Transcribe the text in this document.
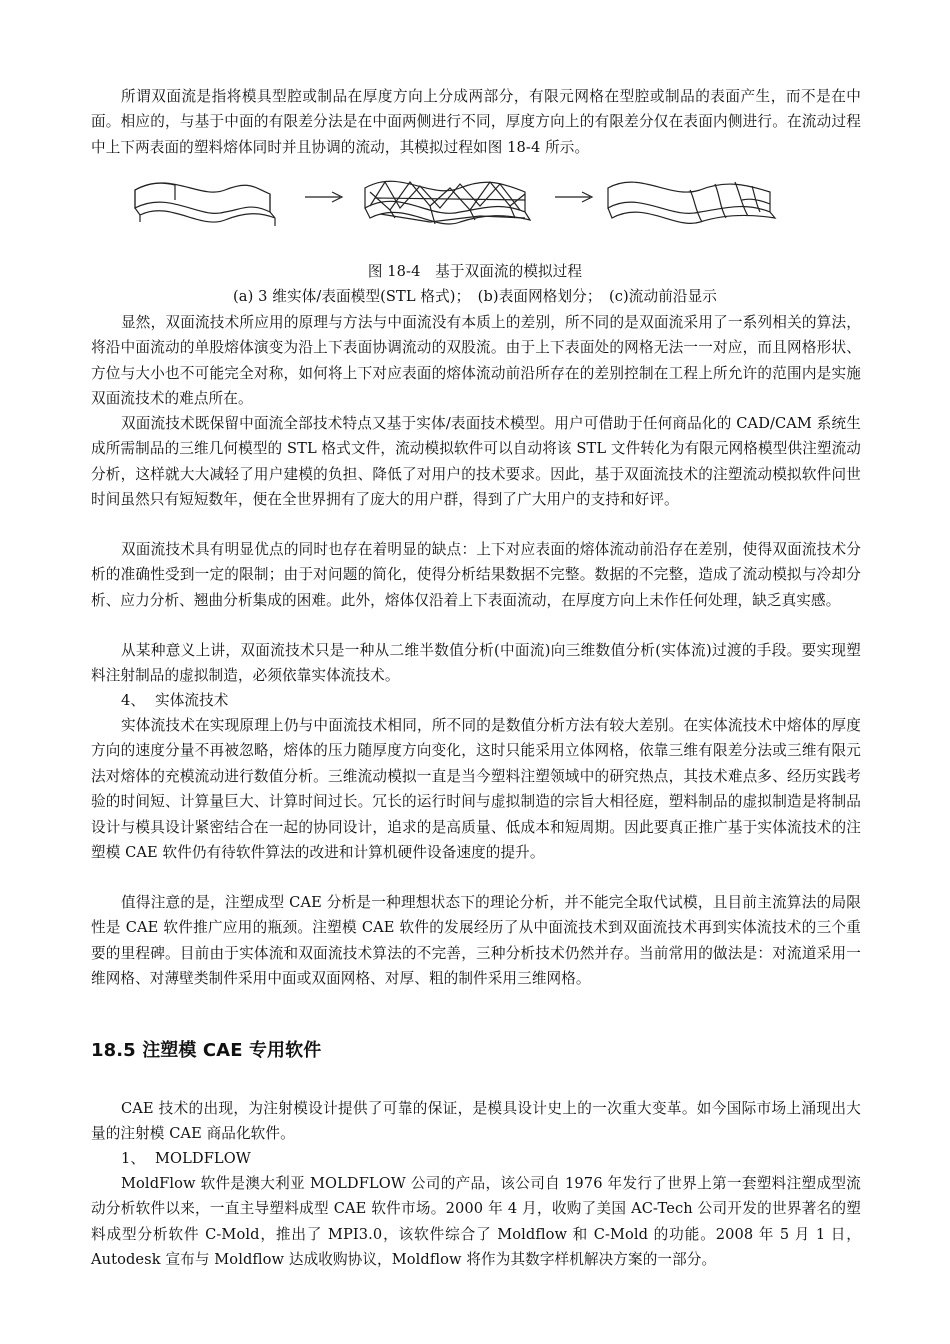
所谓双面流是指将模具型腔或制品在厚度方向上分成两部分，有限元网格在型腔或制品的表面产生，而不是在中面。相应的，与基于中面的有限差分法是在中面两侧进行不同，厚度方向上的有限差分仅在表面内侧进行。在流动过程中上下两表面的塑料熔体同时并且协调的流动，其模拟过程如图 18-4 所示。
图 18-4　基于双面流的模拟过程
(a) 3 维实体/表面模型(STL 格式)；　(b)表面网格划分；　(c)流动前沿显示
显然，双面流技术所应用的原理与方法与中面流没有本质上的差别，所不同的是双面流采用了一系列相关的算法，将沿中面流动的单股熔体演变为沿上下表面协调流动的双股流。由于上下表面处的网格无法一一对应，而且网格形状、方位与大小也不可能完全对称，如何将上下对应表面的熔体流动前沿所存在的差别控制在工程上所允许的范围内是实施双面流技术的难点所在。
双面流技术既保留中面流全部技术特点又基于实体/表面技术模型。用户可借助于任何商品化的 CAD/CAM 系统生成所需制品的三维几何模型的 STL 格式文件，流动模拟软件可以自动将该 STL 文件转化为有限元网格模型供注塑流动分析，这样就大大减轻了用户建模的负担、降低了对用户的技术要求。因此，基于双面流技术的注塑流动模拟软件问世时间虽然只有短短数年，便在全世界拥有了庞大的用户群，得到了广大用户的支持和好评。
双面流技术具有明显优点的同时也存在着明显的缺点：上下对应表面的熔体流动前沿存在差别，使得双面流技术分析的准确性受到一定的限制；由于对问题的简化，使得分析结果数据不完整。数据的不完整，造成了流动模拟与冷却分析、应力分析、翘曲分析集成的困难。此外，熔体仅沿着上下表面流动，在厚度方向上未作任何处理，缺乏真实感。
从某种意义上讲，双面流技术只是一种从二维半数值分析(中面流)向三维数值分析(实体流)过渡的手段。要实现塑料注射制品的虚拟制造，必须依靠实体流技术。
4、 实体流技术
实体流技术在实现原理上仍与中面流技术相同，所不同的是数值分析方法有较大差别。在实体流技术中熔体的厚度方向的速度分量不再被忽略，熔体的压力随厚度方向变化，这时只能采用立体网格，依靠三维有限差分法或三维有限元法对熔体的充模流动进行数值分析。三维流动模拟一直是当今塑料注塑领域中的研究热点，其技术难点多、经历实践考验的时间短、计算量巨大、计算时间过长。冗长的运行时间与虚拟制造的宗旨大相径庭，塑料制品的虚拟制造是将制品设计与模具设计紧密结合在一起的协同设计，追求的是高质量、低成本和短周期。因此要真正推广基于实体流技术的注塑模 CAE 软件仍有待软件算法的改进和计算机硬件设备速度的提升。
值得注意的是，注塑成型 CAE 分析是一种理想状态下的理论分析，并不能完全取代试模，且目前主流算法的局限性是 CAE 软件推广应用的瓶颈。注塑模 CAE 软件的发展经历了从中面流技术到双面流技术再到实体流技术的三个重要的里程碑。目前由于实体流和双面流技术算法的不完善，三种分析技术仍然并存。当前常用的做法是：对流道采用一维网格、对薄壁类制件采用中面或双面网格、对厚、粗的制件采用三维网格。
18.5 注塑模 CAE 专用软件
CAE 技术的出现，为注射模设计提供了可靠的保证，是模具设计史上的一次重大变革。如今国际市场上涌现出大量的注射模 CAE 商品化软件。
1、 MOLDFLOW
MoldFlow 软件是澳大利亚 MOLDFLOW 公司的产品，该公司自 1976 年发行了世界上第一套塑料注塑成型流动分析软件以来，一直主导塑料成型 CAE 软件市场。2000 年 4 月，收购了美国 AC-Tech 公司开发的世界著名的塑料成型分析软件 C-Mold，推出了 MPI3.0，该软件综合了 Moldflow 和 C-Mold 的功能。2008 年 5 月 1 日，Autodesk 宣布与 Moldflow 达成收购协议，Moldflow 将作为其数字样机解决方案的一部分。
